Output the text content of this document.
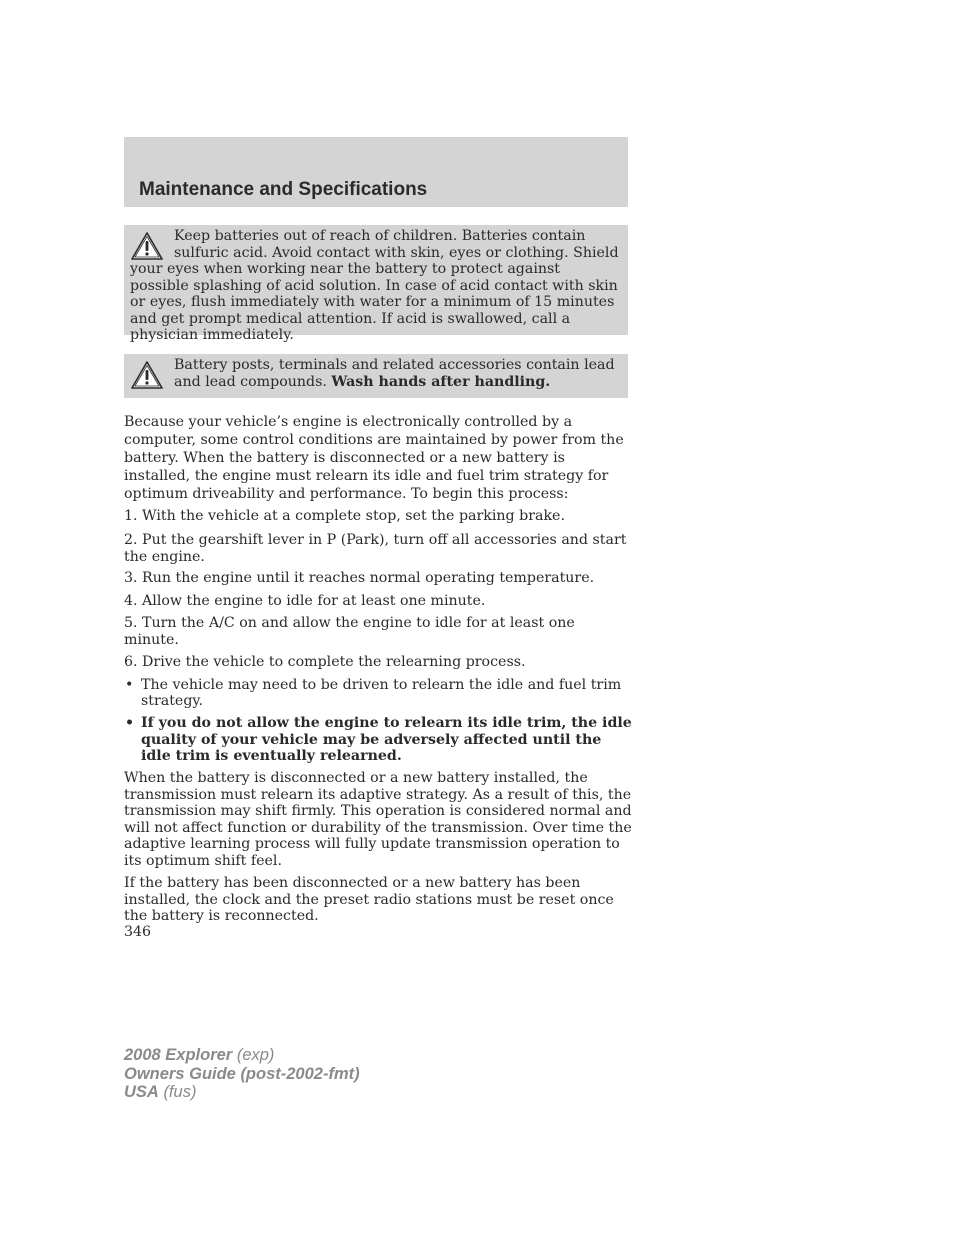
Maintenance and Specifications
Keep batteries out of reach of children. Batteries contain sulfuric acid. Avoid contact with skin, eyes or clothing. Shield your eyes when working near the battery to protect against possible splashing of acid solution. In case of acid contact with skin or eyes, flush immediately with water for a minimum of 15 minutes and get prompt medical attention. If acid is swallowed, call a physician immediately.
Battery posts, terminals and related accessories contain lead and lead compounds. Wash hands after handling.

Because your vehicle’s engine is electronically controlled by a computer, some control conditions are maintained by power from the battery. When the battery is disconnected or a new battery is installed, the engine must relearn its idle and fuel trim strategy for optimum driveability and performance. To begin this process:

1. With the vehicle at a complete stop, set the parking brake.

2. Put the gearshift lever in P (Park), turn off all accessories and start the engine.

3. Run the engine until it reaches normal operating temperature.

4. Allow the engine to idle for at least one minute.

5. Turn the A/C on and allow the engine to idle for at least one minute.

6. Drive the vehicle to complete the relearning process.

• The vehicle may need to be driven to relearn the idle and fuel trim strategy.
• If you do not allow the engine to relearn its idle trim, the idle quality of your vehicle may be adversely affected until the idle trim is eventually relearned.

When the battery is disconnected or a new battery installed, the transmission must relearn its adaptive strategy. As a result of this, the transmission may shift firmly. This operation is considered normal and will not affect function or durability of the transmission. Over time the adaptive learning process will fully update transmission operation to its optimum shift feel.

If the battery has been disconnected or a new battery has been installed, the clock and the preset radio stations must be reset once the battery is reconnected.

346
2008 Explorer (exp)
Owners Guide (post-2002-fmt)
USA (fus)
